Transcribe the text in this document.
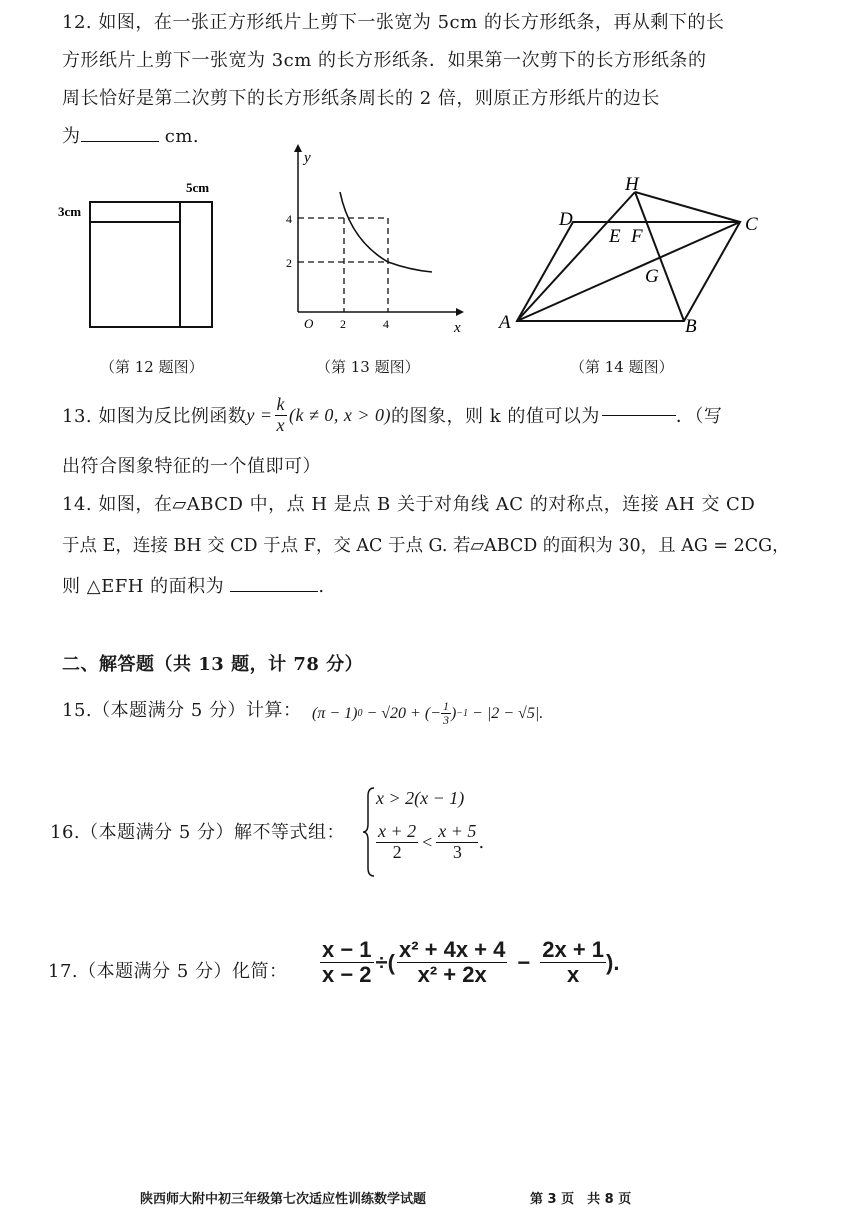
12. 如图，在一张正方形纸片上剪下一张宽为 5cm 的长方形纸条，再从剩下的长
方形纸片上剪下一张宽为 3cm 的长方形纸条．如果第一次剪下的长方形纸条的
周长恰好是第二次剪下的长方形纸条周长的 2 倍，则原正方形纸片的边长
为	cm.
5cm
3cm
（第 12 题图）
y
x
O
4
2
2	4
（第 13 题图）
H
D
E F
C
G
A	B
（第 14 题图）
13. 如图为反比例函数 $y = \frac{k}{x} (k \ne 0$, x > 0) 的图象，则 k 的值可以为	．（写
出符合图象特征的一个值即可）
14. 如图，在▱ABCD 中，点 H 是点 B 关于对角线 AC 的对称点，连接 AH 交 CD
于点 E，连接 BH 交 CD 于点 F，交 AC 于点 G. 若▱ABCD 的面积为 30，且 AG = 2CG，
则 △EFH 的面积为	.
二、解答题（共 13 题，计 78 分）
15.（本题满分 5 分）计算： (π − 1) 0 − √20 + (− $\frac{1}{3}$ ) −1 − |2 − √5|.
16.（本题满分 5 分）解不等式组：
x > 2(x − 1)
$\frac{x + 2}{2} < \frac{x + 5}{3}$ .
17.（本题满分 5 分）化简： $\frac{x - 1}{x - 2}$ ÷( $\frac{\text{x² + 4x + 4}}{\text{x² + 2x}} - \frac{2x + 1}{x}$ ).
陕西师大附中初三年级第七次适应性训练数学试题	第 3 页　共 8 页
